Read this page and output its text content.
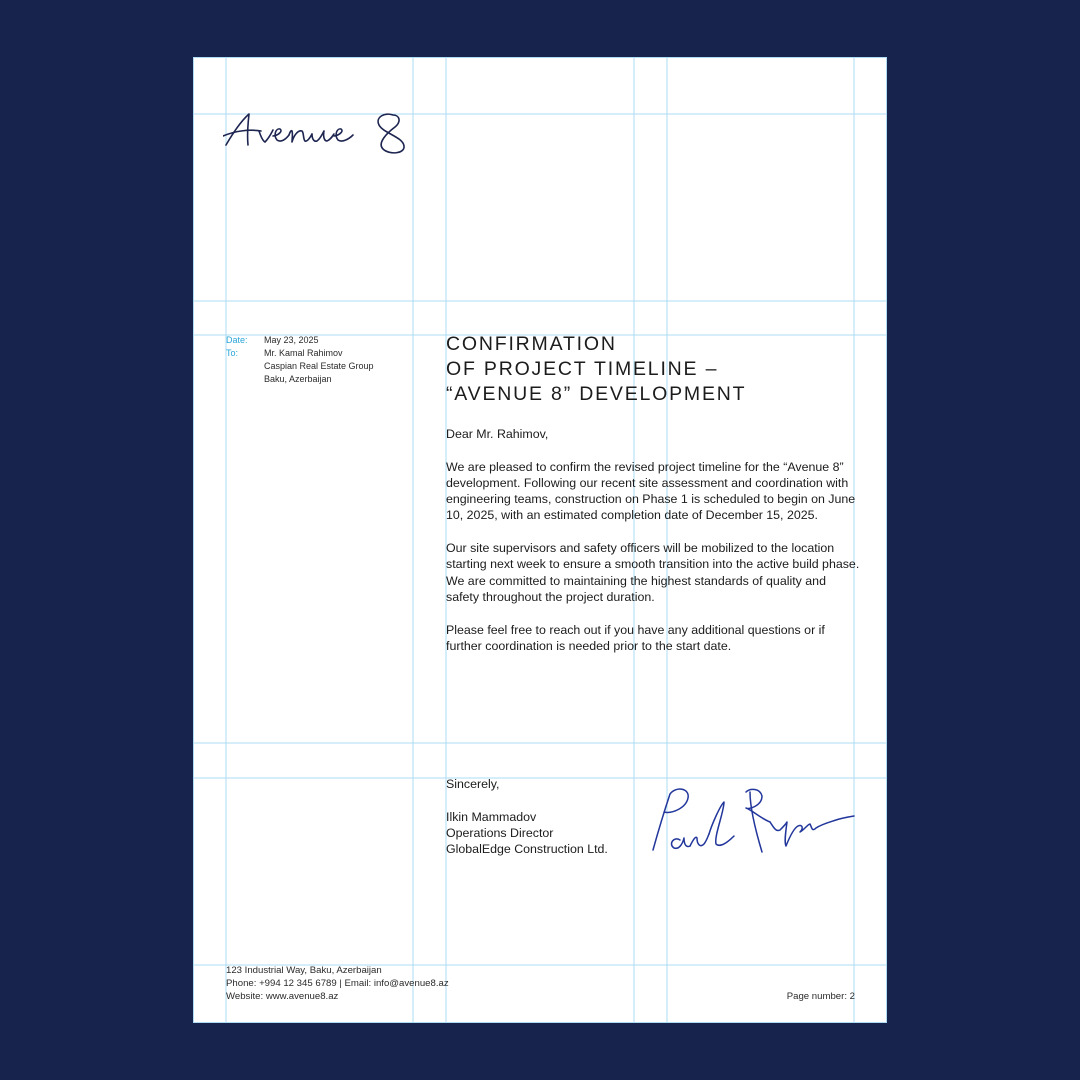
Date: May 23, 2025
To:	Mr. Kamal Rahimov
Caspian Real Estate Group
Baku, Azerbaijan
CONFIRMATION
OF PROJECT TIMELINE –
“AVENUE 8” DEVELOPMENT

Dear Mr. Rahimov,

We are pleased to confirm the revised project timeline for the “Avenue 8” development. Following our recent site assessment and coordination with engineering teams, construction on Phase 1 is scheduled to begin on June 10, 2025, with an estimated completion date of December 15, 2025.

Our site supervisors and safety officers will be mobilized to the location starting next week to ensure a smooth transition into the active build phase. We are committed to maintaining the highest standards of quality and safety throughout the project duration.

Please feel free to reach out if you have any additional questions or if further coordination is needed prior to the start date.

Sincerely,
Ilkin Mammadov
Operations Director
GlobalEdge Construction Ltd.
123 Industrial Way, Baku, Azerbaijan
Phone: +994 12 345 6789 | Email: info@avenue8.az
Website: www.avenue8.az	Page number: 2
